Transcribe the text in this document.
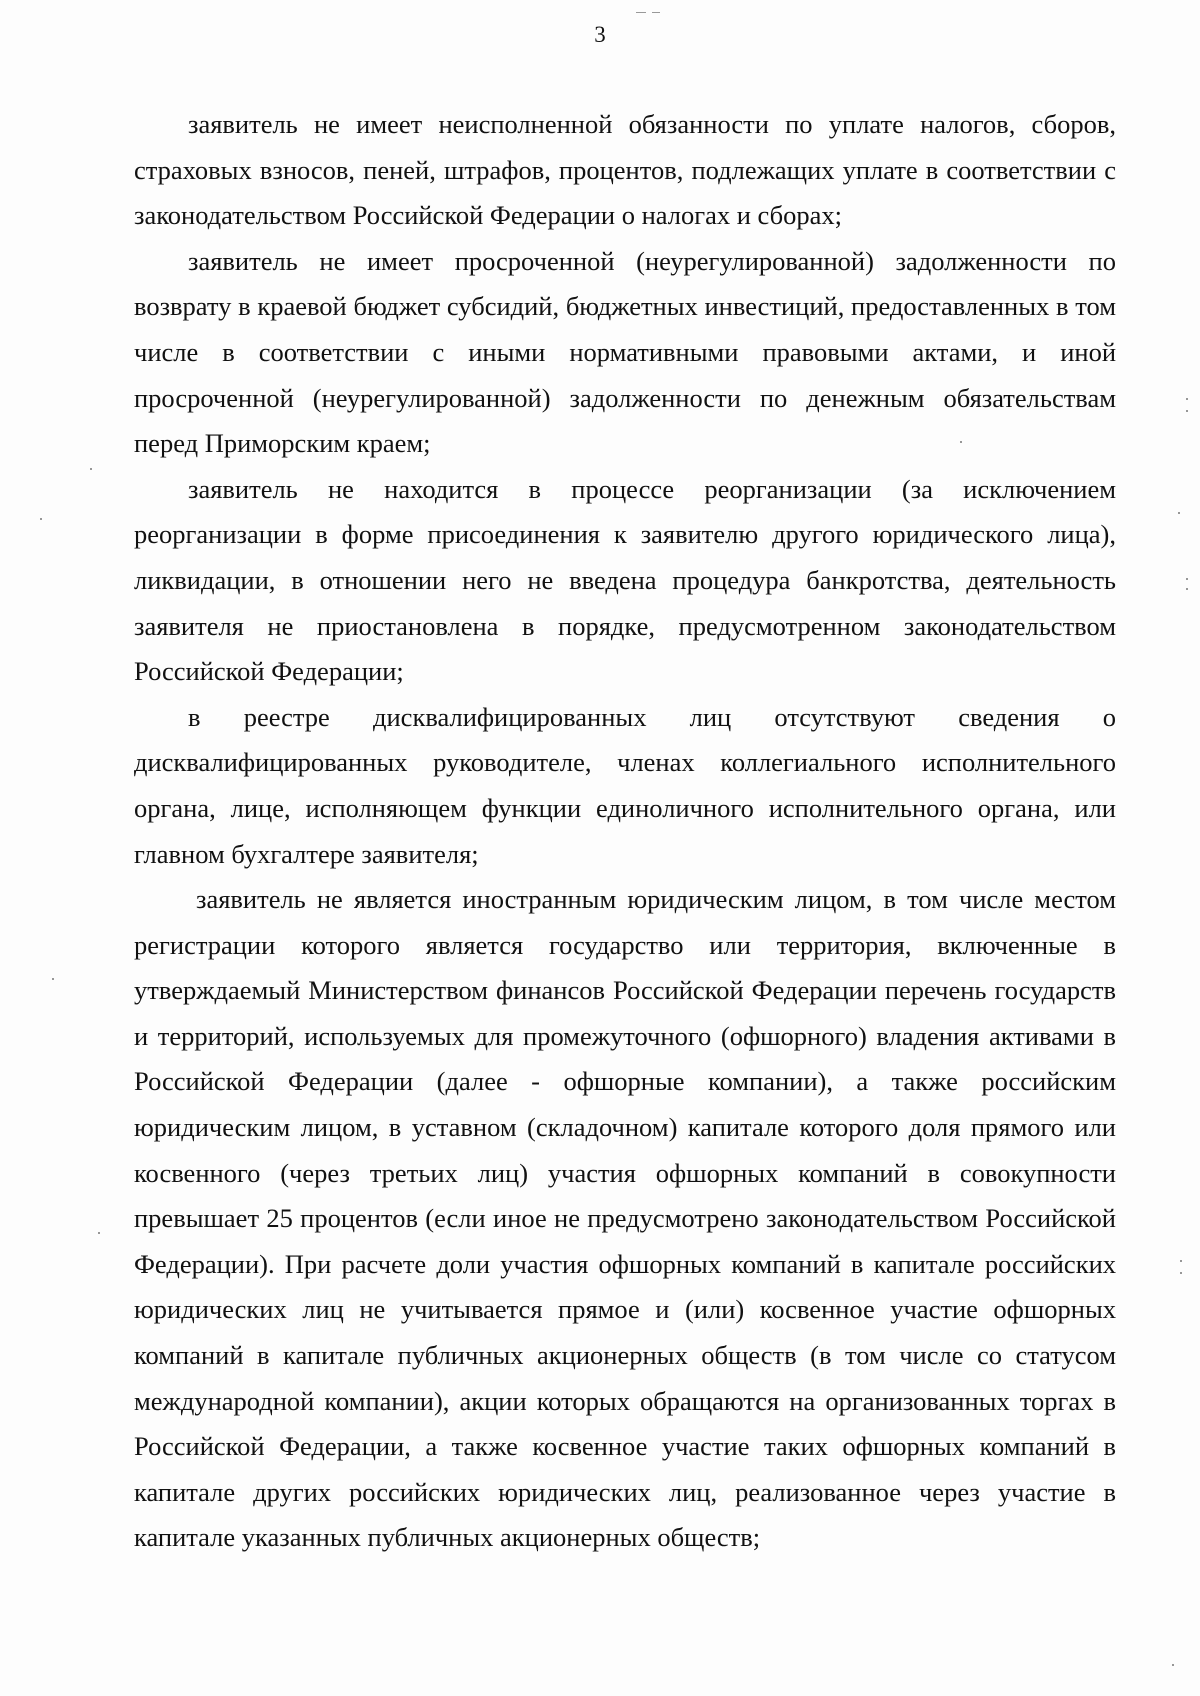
3

заявитель не имеет неисполненной обязанности по уплате налогов, сборов, страховых взносов, пеней, штрафов, процентов, подлежащих уплате в соответствии с законодательством Российской Федерации о налогах и сборах;

заявитель не имеет просроченной (неурегулированной) задолженности по возврату в краевой бюджет субсидий, бюджетных инвестиций, предоставленных в том числе в соответствии с иными нормативными правовыми актами, и иной просроченной (неурегулированной) задолженности по денежным обязательствам перед Приморским краем;

заявитель не находится в процессе реорганизации (за исключением реорганизации в форме присоединения к заявителю другого юридического лица), ликвидации, в отношении него не введена процедура банкротства, деятельность заявителя не приостановлена в порядке, предусмотренном законодательством Российской Федерации;

в реестре дисквалифицированных лиц отсутствуют сведения о дисквалифицированных руководителе, членах коллегиального исполнительного органа, лице, исполняющем функции единоличного исполнительного органа, или главном бухгалтере заявителя;

заявитель не является иностранным юридическим лицом, в том числе местом регистрации которого является государство или территория, включенные в утверждаемый Министерством финансов Российской Федерации перечень государств и территорий, используемых для промежуточного (офшорного) владения активами в Российской Федерации (далее - офшорные компании), а также российским юридическим лицом, в уставном (складочном) капитале которого доля прямого или косвенного (через третьих лиц) участия офшорных компаний в совокупности превышает 25 процентов (если иное не предусмотрено законодательством Российской Федерации). При расчете доли участия офшорных компаний в капитале российских юридических лиц не учитывается прямое и (или) косвенное участие офшорных компаний в капитале публичных акционерных обществ (в том числе со статусом международной компании), акции которых обращаются на организованных торгах в Российской Федерации, а также косвенное участие таких офшорных компаний в капитале других российских юридических лиц, реализованное через участие в капитале указанных публичных акционерных обществ;
